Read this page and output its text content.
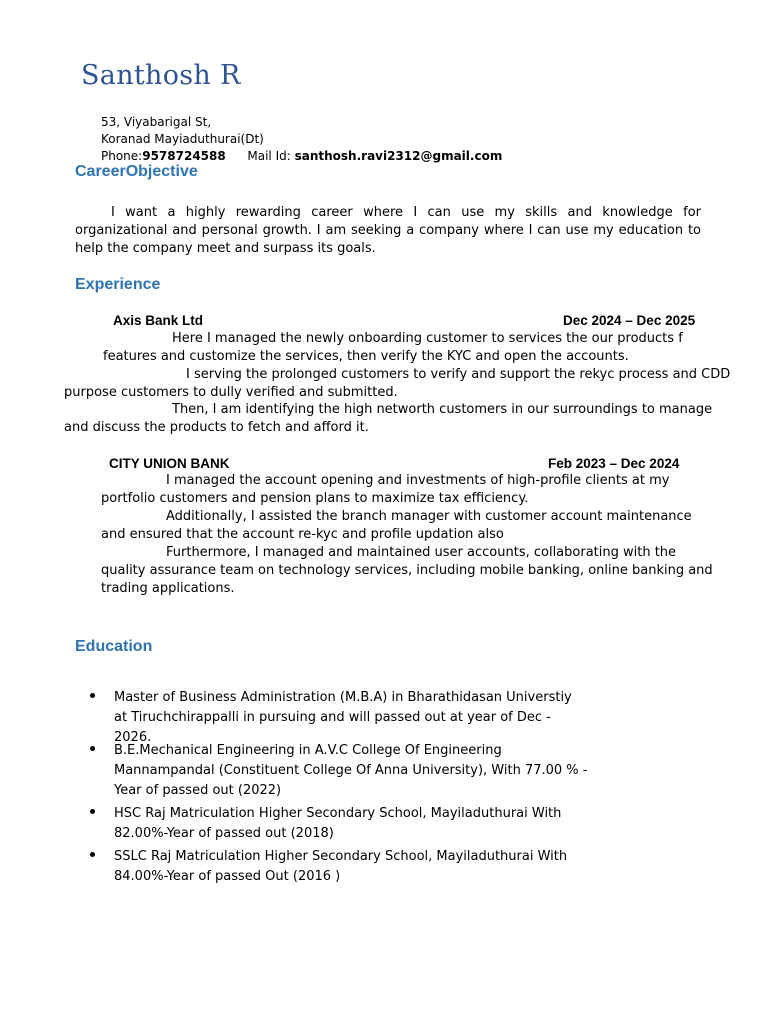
Santhosh R
53, Viyabarigal St,
Koranad Mayiaduthurai(Dt)
Phone:9578724588 Mail Id: santhosh.ravi2312@gmail.com
CareerObjective
I want a highly rewarding career where I can use my skills and knowledge for organizational and personal growth. I am seeking a company where I can use my education to help the company meet and surpass its goals.
Experience
Axis Bank Ltd	Dec 2024 – Dec 2025
Here I managed the newly onboarding customer to services the our products f
features and customize the services, then verify the KYC and open the accounts.
I serving the prolonged customers to verify and support the rekyc process and CDD
purpose customers to dully verified and submitted.
Then, I am identifying the high networth customers in our surroundings to manage
and discuss the products to fetch and afford it.
CITY UNION BANK	Feb 2023 – Dec 2024
I managed the account opening and investments of high-profile clients at my
portfolio customers and pension plans to maximize tax efficiency.
Additionally, I assisted the branch manager with customer account maintenance
and ensured that the account re-kyc and profile updation also
Furthermore, I managed and maintained user accounts, collaborating with the
quality assurance team on technology services, including mobile banking, online banking and
trading applications.
Education
Master of Business Administration (M.B.A) in Bharathidasan Universtiy at Tiruchchirappalli in pursuing and will passed out at year of Dec - 2026.
B.E.Mechanical Engineering in A.V.C College Of Engineering Mannampandal (Constituent College Of Anna University), With 77.00 % -Year of passed out (2022)
HSC Raj Matriculation Higher Secondary School, Mayiladuthurai With 82.00%-Year of passed out (2018)
SSLC Raj Matriculation Higher Secondary School, Mayiladuthurai With 84.00%-Year of passed Out (2016 )
